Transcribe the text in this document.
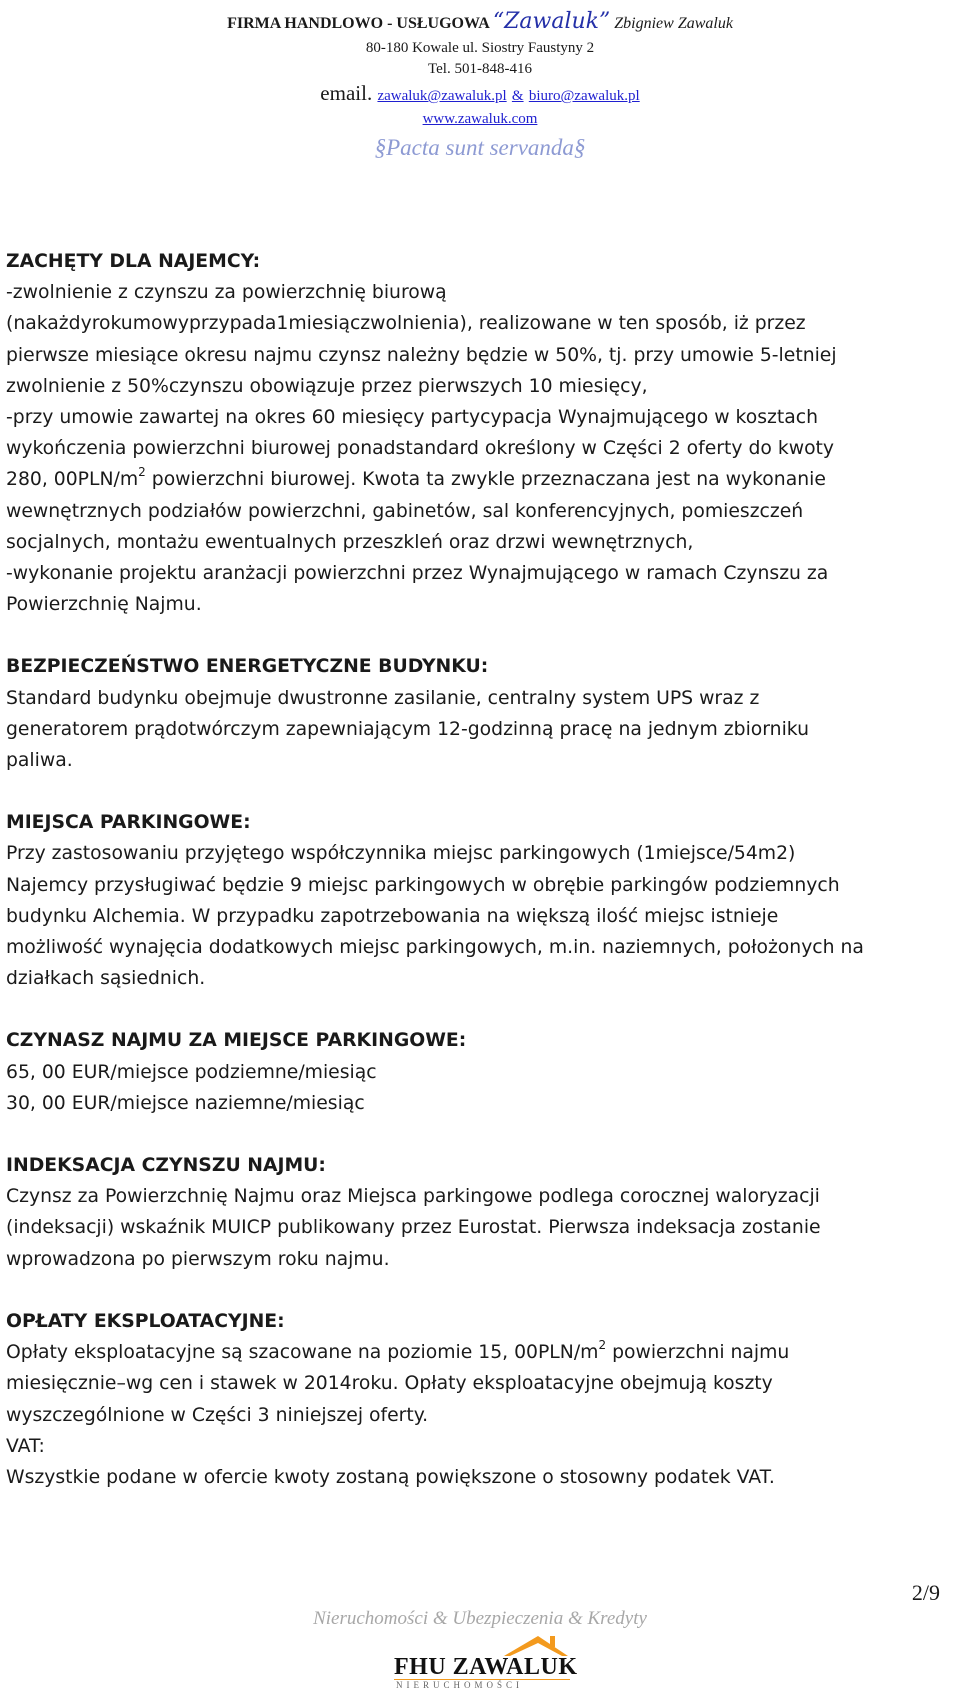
FIRMA HANDLOWO - USŁUGOWA “Zawaluk” Zbigniew Zawaluk
80-180 Kowale ul. Siostry Faustyny 2
Tel. 501-848-416
email. zawaluk@zawaluk.pl & biuro@zawaluk.pl
www.zawaluk.com
§Pacta sunt servanda§
ZACHĘTY DLA NAJEMCY:
-zwolnienie z czynszu za powierzchnię biurową
(nakażdyrokumowyprzypada1miesiączwolnienia), realizowane w ten sposób, iż przez
pierwsze miesiące okresu najmu czynsz należny będzie w 50%, tj. przy umowie 5-letniej
zwolnienie z 50%czynszu obowiązuje przez pierwszych 10 miesięcy,
-przy umowie zawartej na okres 60 miesięcy partycypacja Wynajmującego w kosztach
wykończenia powierzchni biurowej ponadstandard określony w Części 2 oferty do kwoty
280, $00PLN/m^2$ powierzchni biurowej. Kwota ta zwykle przeznaczana jest na wykonanie
wewnętrznych podziałów powierzchni, gabinetów, sal konferencyjnych, pomieszczeń
socjalnych, montażu ewentualnych przeszkleń oraz drzwi wewnętrznych,
-wykonanie projektu aranżacji powierzchni przez Wynajmującego w ramach Czynszu za
Powierzchnię Najmu.
BEZPIECZEŃSTWO ENERGETYCZNE BUDYNKU:
Standard budynku obejmuje dwustronne zasilanie, centralny system UPS wraz z
generatorem prądotwórczym zapewniającym 12-godzinną pracę na jednym zbiorniku
paliwa.
MIEJSCA PARKINGOWE:
Przy zastosowaniu przyjętego współczynnika miejsc parkingowych (1miejsce/54m2)
Najemcy przysługiwać będzie 9 miejsc parkingowych w obrębie parkingów podziemnych
budynku Alchemia. W przypadku zapotrzebowania na większą ilość miejsc istnieje
możliwość wynajęcia dodatkowych miejsc parkingowych, m.in. naziemnych, położonych na
działkach sąsiednich.
CZYNASZ NAJMU ZA MIEJSCE PARKINGOWE:
65, 00 EUR/miejsce podziemne/miesiąc
30, 00 EUR/miejsce naziemne/miesiąc
INDEKSACJA CZYNSZU NAJMU:
Czynsz za Powierzchnię Najmu oraz Miejsca parkingowe podlega corocznej waloryzacji
(indeksacji) wskaźnik MUICP publikowany przez Eurostat. Pierwsza indeksacja zostanie
wprowadzona po pierwszym roku najmu.
OPŁATY EKSPLOATACYJNE:
Opłaty eksploatacyjne są szacowane na poziomie 15, $00PLN/m^2$ powierzchni najmu
miesięcznie–wg cen i stawek w 2014roku. Opłaty eksploatacyjne obejmują koszty
wyszczególnione w Części 3 niniejszej oferty.
VAT:
Wszystkie podane w ofercie kwoty zostaną powiększone o stosowny podatek VAT.
2/9
Nieruchomości & Ubezpieczenia & Kredyty
FHU ZAWALUK
NIERUCHOMOŚCI
